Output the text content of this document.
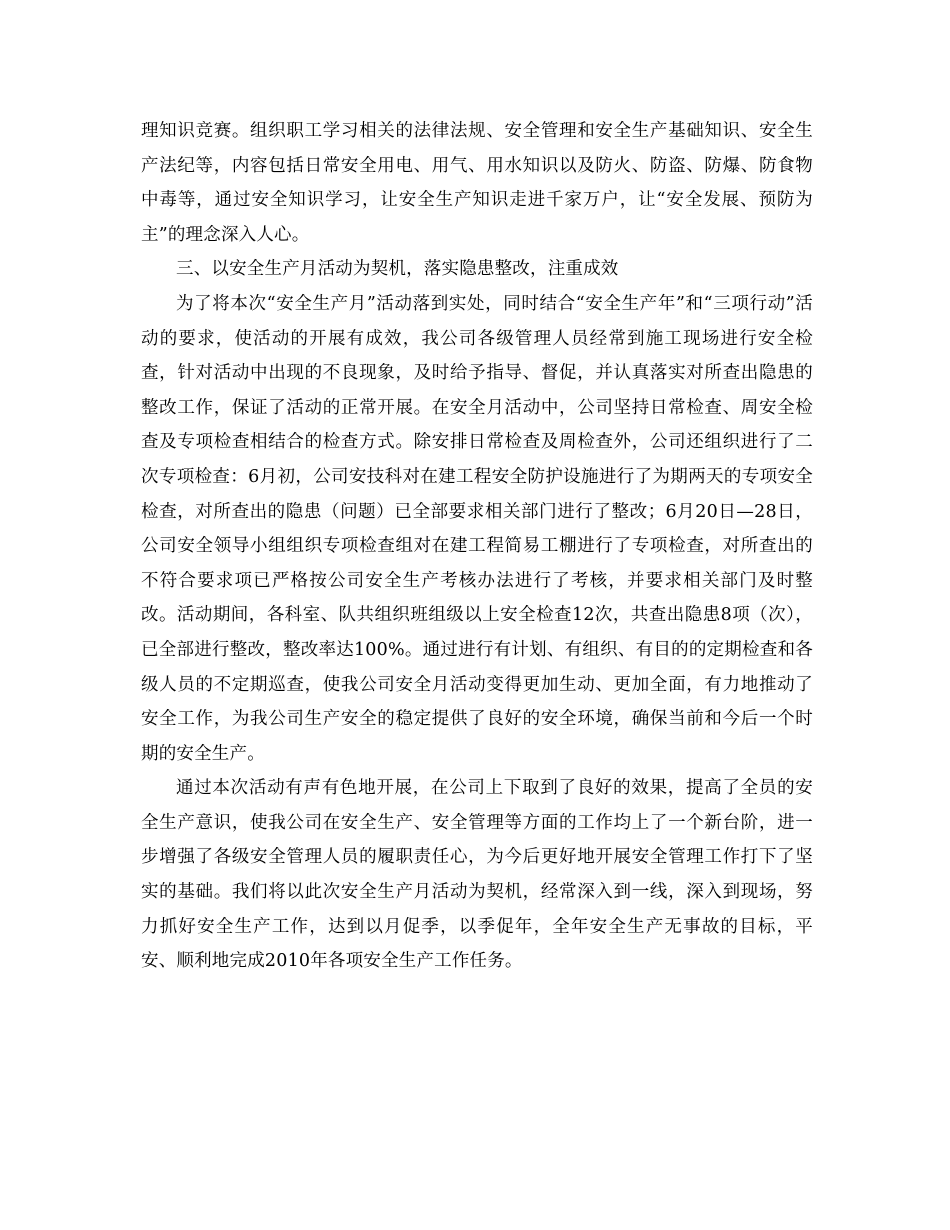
理知识竞赛。组织职工学习相关的法律法规、安全管理和安全生产基础知识、安全生产法纪等，内容包括日常安全用电、用气、用水知识以及防火、防盗、防爆、防食物中毒等，通过安全知识学习，让安全生产知识走进千家万户，让“安全发展、预防为主”的理念深入人心。

三、以安全生产月活动为契机，落实隐患整改，注重成效

为了将本次“安全生产月”活动落到实处，同时结合“安全生产年”和“三项行动”活动的要求，使活动的开展有成效，我公司各级管理人员经常到施工现场进行安全检查，针对活动中出现的不良现象，及时给予指导、督促，并认真落实对所查出隐患的整改工作，保证了活动的正常开展。在安全月活动中，公司坚持日常检查、周安全检查及专项检查相结合的检查方式。除安排日常检查及周检查外，公司还组织进行了二次专项检查：6月初，公司安技科对在建工程安全防护设施进行了为期两天的专项安全检查，对所查出的隐患（问题）已全部要求相关部门进行了整改；6月20日—28日，公司安全领导小组组织专项检查组对在建工程简易工棚进行了专项检查，对所查出的不符合要求项已严格按公司安全生产考核办法进行了考核，并要求相关部门及时整改。活动期间，各科室、队共组织班组级以上安全检查12次，共查出隐患8项（次），已全部进行整改，整改率达100%。通过进行有计划、有组织、有目的的定期检查和各级人员的不定期巡查，使我公司安全月活动变得更加生动、更加全面，有力地推动了安全工作，为我公司生产安全的稳定提供了良好的安全环境，确保当前和今后一个时期的安全生产。

通过本次活动有声有色地开展，在公司上下取到了良好的效果，提高了全员的安全生产意识，使我公司在安全生产、安全管理等方面的工作均上了一个新台阶，进一步增强了各级安全管理人员的履职责任心，为今后更好地开展安全管理工作打下了坚实的基础。我们将以此次安全生产月活动为契机，经常深入到一线，深入到现场，努力抓好安全生产工作，达到以月促季，以季促年，全年安全生产无事故的目标，平安、顺利地完成2010年各项安全生产工作任务。
